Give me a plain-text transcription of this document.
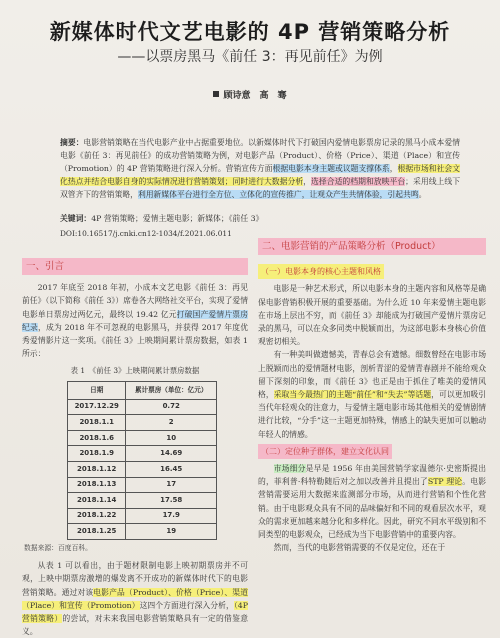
新媒体时代文艺电影的 4P 营销策略分析
——以票房黑马《前任 3：再见前任》为例
顾诗意　高　骞
摘要：电影营销策略在当代电影产业中占据重要地位。以新媒体时代下打破国内爱情电影票房记录的黑马小成本爱情电影《前任 3：再见前任》的成功营销策略为例，对电影产品（Product）、价格（Price）、渠道（Place）和宣传（Promotion）的 4P 营销策略进行深入分析。营销宣传方面根据电影本身主题或议题支撑体系，根据市场和社会文化热点并结合电影自身的实际情况进行营销策划；同时进行大数据分析，选择合适的档期和放映平台；采用线上线下双管齐下的营销策略，利用新媒体平台进行全方位、立体化的宣传推广，让观众产生共情体验，引起共鸣。
关键词：4P 营销策略；爱情主题电影；新媒体；《前任 3》
DOI:10.16517/j.cnki.cn12-1034/f.2021.06.011
一、引言

2017 年底至 2018 年初，小成本文艺电影《前任 3：再见前任》（以下简称《前任 3》）席卷各大网络社交平台，实现了爱情电影单日票房过两亿元，最终以 19.42 亿元打破国产爱情片票房纪录，成为 2018 年不可忽视的电影黑马，并获得 2017 年度优秀爱情影片这一奖项。《前任 3》上映期间累计票房数据，如表 1 所示：

表 1　《前任 3》上映期间累计票房数据
日期	累计票房（单位：亿元）
2017.12.29	0.72
2018.1.1	2
2018.1.6	10
2018.1.9	14.69
2018.1.12	16.45
2018.1.13	17
2018.1.14	17.58
2018.1.22	17.9
2018.1.25	19
数据来源：百度百科。

从表 1 可以看出，由于题材限制电影上映初期票房并不可观，上映中期票房激增的爆发离不开成功的新媒体时代下的电影营销策略。通过对该电影产品（Product）、价格（Price）、渠道（Place）和宣传（Promotion）这四个方面进行深入分析，（4P 营销策略）的尝试，对未来我国电影营销策略具有一定的借鉴意义。

二、电影营销的产品策略分析（Product）
（一）电影本身的核心主题和风格

电影是一种艺术形式，所以电影本身的主题内容和风格等是确保电影营销积极开展的重要基础。为什么近 10 年来爱情主题电影在市场上层出不穷，而《前任 3》却能成为打破国产爱情片票房记录的黑马，可以在众多同类中脱颖而出，为这部电影本身核心价值观密切相关。

有一种美叫做遗憾美，青春总会有遗憾。细数曾经在电影市场上脱颖而出的爱情题材电影，剖析青涩的爱情青春剧并不能给观众留下深刻的印象，而《前任 3》也正是由于抓住了唯美的爱情风格，采取当今最热门的主题“前任”和“失去”等话题，可以更加吸引当代年轻观众的注意力，与爱情主题电影市场其他相关的爱情剧情进行比较，“分手”这一主题更加特殊，情感上的缺失更加可以触动年轻人的情感。

（二）定位种子群体，建立文化认同

市场细分是早是 1956 年由美国营销学家温德尔·史密斯提出的，菲利普·科特勒随后对之加以改善并且提出了STP 理论。电影营销需要运用大数据来监测部分市场，从而进行营销和个性化营销。由于电影观众具有不同的品味偏好和不同的观看层次水平，观众的需求更加越来越分化和多样化。因此，研究不同水平级别和不同类型的电影观众，已经成为当下电影营销中的重要内容。

然而，当代的电影营销需要的不仅是定位，还在于
